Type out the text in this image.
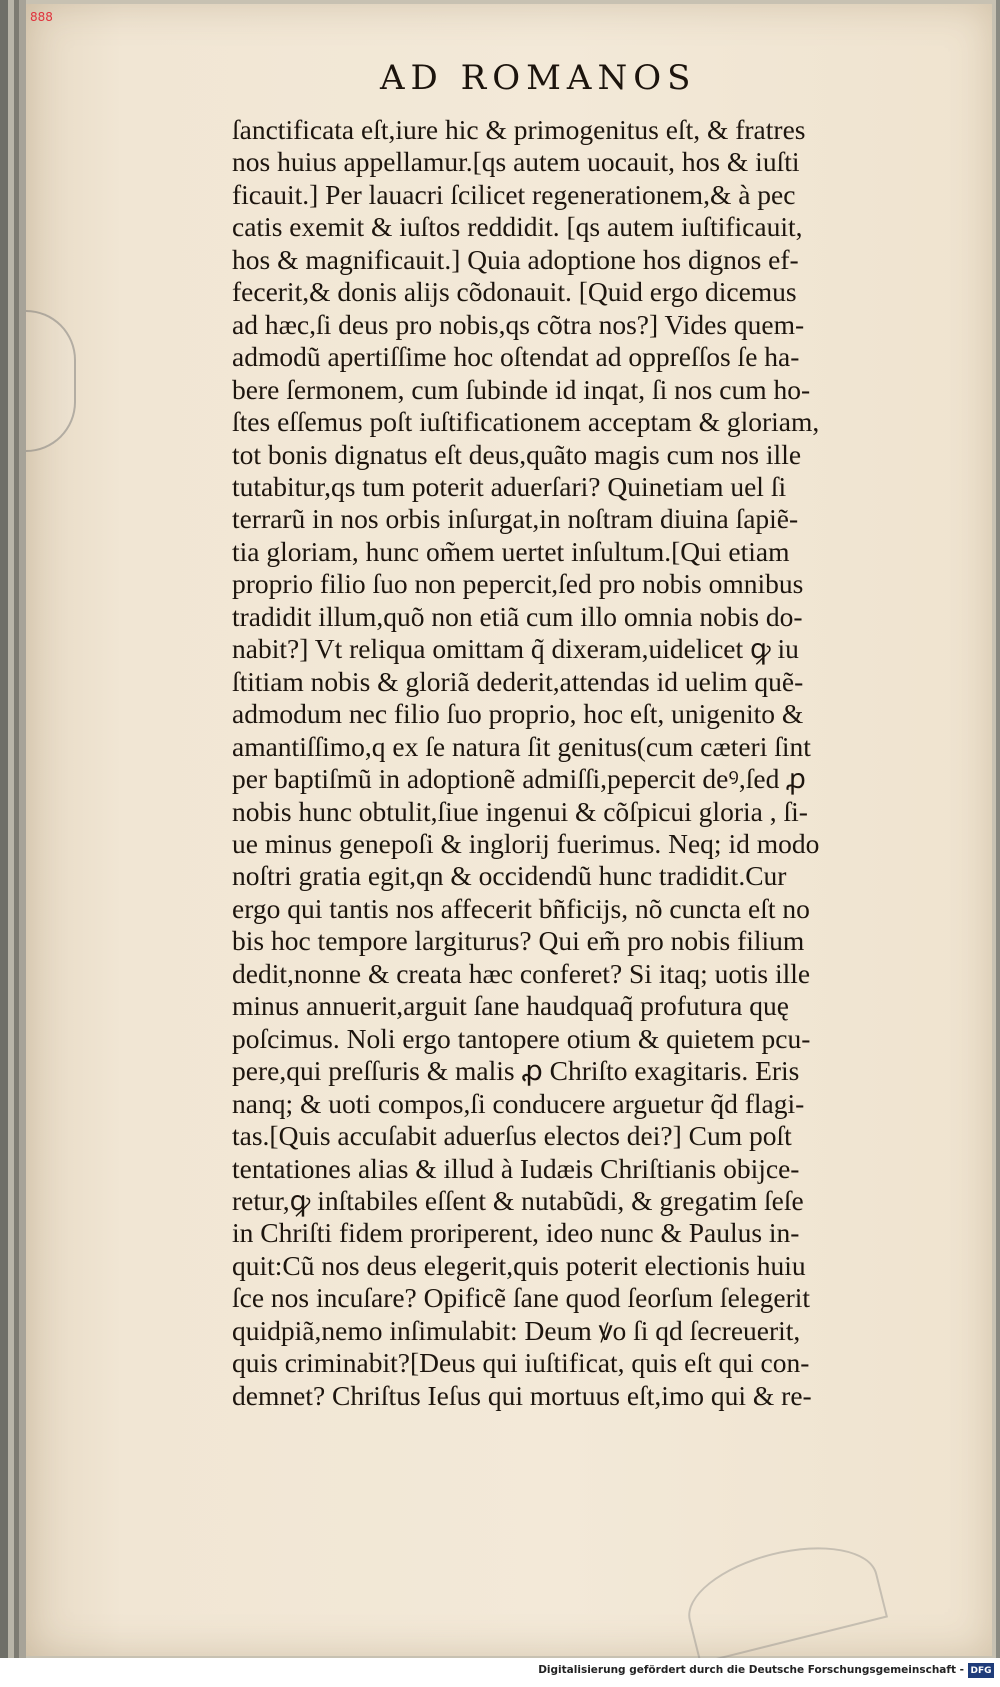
888
AD ROMANOS
ſanctificata eſt,iure hic & primogenitus eſt, & fratres
nos huius appellamur.[qs autem uocauit, hos & iuſti
ficauit.] Per lauacri ſcilicet regenerationem,& à pec
catis exemit & iuſtos reddidit. [qs autem iuſtificauit,
hos & magnificauit.] Quia adoptione hos dignos ef-
fecerit,& donis alijs cõdonauit. [Quid ergo dicemus
ad hæc,ſi deus pro nobis,qs cõtra nos?] Vides quem-
admodũ apertiſſime hoc oſtendat ad oppreſſos ſe ha-
bere ſermonem, cum ſubinde id inqat, ſi nos cum ho-
ſtes eſſemus poſt iuſtificationem acceptam & gloriam,
tot bonis dignatus eſt deus,quãto magis cum nos ille
tutabitur,qs tum poterit aduerſari? Quinetiam uel ſi
terrarũ in nos orbis inſurgat,in noſtram diuina ſapiẽ-
tia gloriam, hunc om̃em uertet inſultum.[Qui etiam
proprio filio ſuo non pepercit,ſed pro nobis omnibus
tradidit illum,quõ non etiã cum illo omnia nobis do-
nabit?] Vt reliqua omittam q̃ dixeram,uidelicet ꝙ iu
ſtitiam nobis & gloriã dederit,attendas id uelim quẽ-
admodum nec filio ſuo proprio, hoc eſt, unigenito &
amantiſſimo,q ex ſe natura ſit genitus(cum cæteri ſint
per baptiſmũ in adoptionẽ admiſſi,pepercit deꝰ,ſed ꝓ
nobis hunc obtulit,ſiue ingenui & cõſpicui gloria , ſi-
ue minus geneроſi & inglorij fuerimus. Neq; id modo
noſtri gratia egit,qn & occidendũ hunc tradidit.Cur
ergo qui tantis nos affecerit bñficijs, nõ cuncta eſt no
bis hoc tempore largiturus? Qui em̃ pro nobis filium
dedit,nonne & creata hæc conferet? Si itaq; uotis ille
minus annuerit,arguit ſane haudquaq̃ profutura quę
poſcimus. Noli ergo tantopere otium & quietem pcu-
pere,qui preſſuris & malis ꝓ Chriſto exagitaris. Eris
nanq; & uoti compos,ſi conducere arguetur q̃d flagi-
tas.[Quis accuſabit aduerſus electos dei?] Cum poſt
tentationes alias & illud à Iudæis Chriſtianis obijce-
retur,ꝙ inſtabiles eſſent & nutabũdi, & gregatim ſeſe
in Chriſti fidem proriperent, ideo nunc & Paulus in-
quit:Cũ nos deus elegerit,quis poterit electionis huiu
ſce nos incuſare? Opificẽ ſane quod ſeorſum ſelegerit
quidpiã,nemo inſimulabit: Deum ꝟo ſi qd ſecreuerit,
quis criminabit?[Deus qui iuſtificat, quis eſt qui con-
demnet? Chriſtus Ieſus qui mortuus eſt,imo qui & re-
Digitalisierung gefördert durch die Deutsche Forschungsgemeinschaft - DFG
